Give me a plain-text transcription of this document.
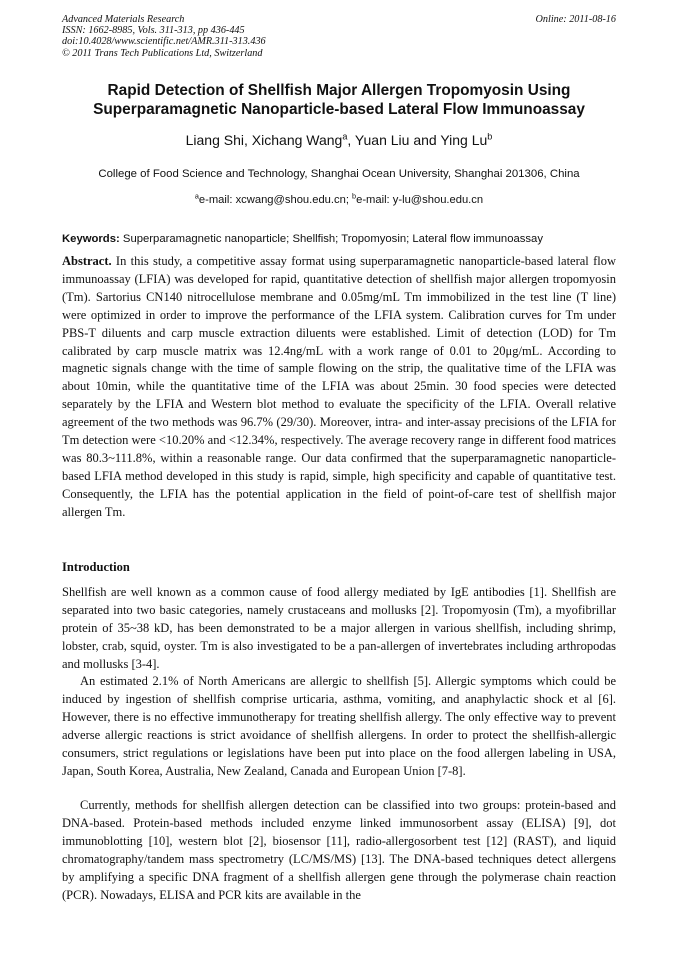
Advanced Materials Research
ISSN: 1662-8985, Vols. 311-313, pp 436-445
doi:10.4028/www.scientific.net/AMR.311-313.436
© 2011 Trans Tech Publications Ltd, Switzerland
Online: 2011-08-16
Rapid Detection of Shellfish Major Allergen Tropomyosin Using
Superparamagnetic Nanoparticle-based Lateral Flow Immunoassay
Liang Shi, Xichang Wang$^a$, Yuan Liu and Ying Lu$^b$
College of Food Science and Technology, Shanghai Ocean University, Shanghai 201306, China
$^a$e-mail: xcwang@shou.edu.cn; $^b$e-mail: y-lu@shou.edu.cn
Keywords: Superparamagnetic nanoparticle; Shellfish; Tropomyosin; Lateral flow immunoassay
Abstract. In this study, a competitive assay format using superparamagnetic nanoparticle-based lateral flow immunoassay (LFIA) was developed for rapid, quantitative detection of shellfish major allergen tropomyosin (Tm). Sartorius CN140 nitrocellulose membrane and 0.05mg/mL Tm immobilized in the test line (T line) were optimized in order to improve the performance of the LFIA system. Calibration curves for Tm under PBS-T diluents and carp muscle extraction diluents were established. Limit of detection (LOD) for Tm calibrated by carp muscle matrix was 12.4ng/mL with a work range of 0.01 to 20μg/mL. According to magnetic signals change with the time of sample flowing on the strip, the qualitative time of the LFIA was about 10min, while the quantitative time of the LFIA was about 25min. 30 food species were detected separately by the LFIA and Western blot method to evaluate the specificity of the LFIA. Overall relative agreement of the two methods was 96.7% (29/30). Moreover, intra- and inter-assay precisions of the LFIA for Tm detection were <10.20% and <12.34%, respectively. The average recovery range in different food matrices was 80.3~111.8%, within a reasonable range. Our data confirmed that the superparamagnetic nanoparticle-based LFIA method developed in this study is rapid, simple, high specificity and capable of quantitative test. Consequently, the LFIA has the potential application in the field of point-of-care test of shellfish major allergen Tm.
Introduction
Shellfish are well known as a common cause of food allergy mediated by IgE antibodies [1]. Shellfish are separated into two basic categories, namely crustaceans and mollusks [2]. Tropomyosin (Tm), a myofibrillar protein of 35~38 kD, has been demonstrated to be a major allergen in various shellfish, including shrimp, lobster, crab, squid, oyster. Tm is also investigated to be a pan-allergen of invertebrates including arthropodas and mollusks [3-4].
An estimated 2.1% of North Americans are allergic to shellfish [5]. Allergic symptoms which could be induced by ingestion of shellfish comprise urticaria, asthma, vomiting, and anaphylactic shock et al [6]. However, there is no effective immunotherapy for treating shellfish allergy. The only effective way to prevent adverse allergic reactions is strict avoidance of shellfish allergens. In order to protect the shellfish-allergic consumers, strict regulations or legislations have been put into place on the food allergen labeling in USA, Japan, South Korea, Australia, New Zealand, Canada and European Union [7-8].
Currently, methods for shellfish allergen detection can be classified into two groups: protein-based and DNA-based. Protein-based methods included enzyme linked immunosorbent assay (ELISA) [9], dot immunoblotting [10], western blot [2], biosensor [11], radio-allergosorbent test [12] (RAST), and liquid chromatography/tandem mass spectrometry (LC/MS/MS) [13]. The DNA-based techniques detect allergens by amplifying a specific DNA fragment of a shellfish allergen gene through the polymerase chain reaction (PCR). Nowadays, ELISA and PCR kits are available in the
